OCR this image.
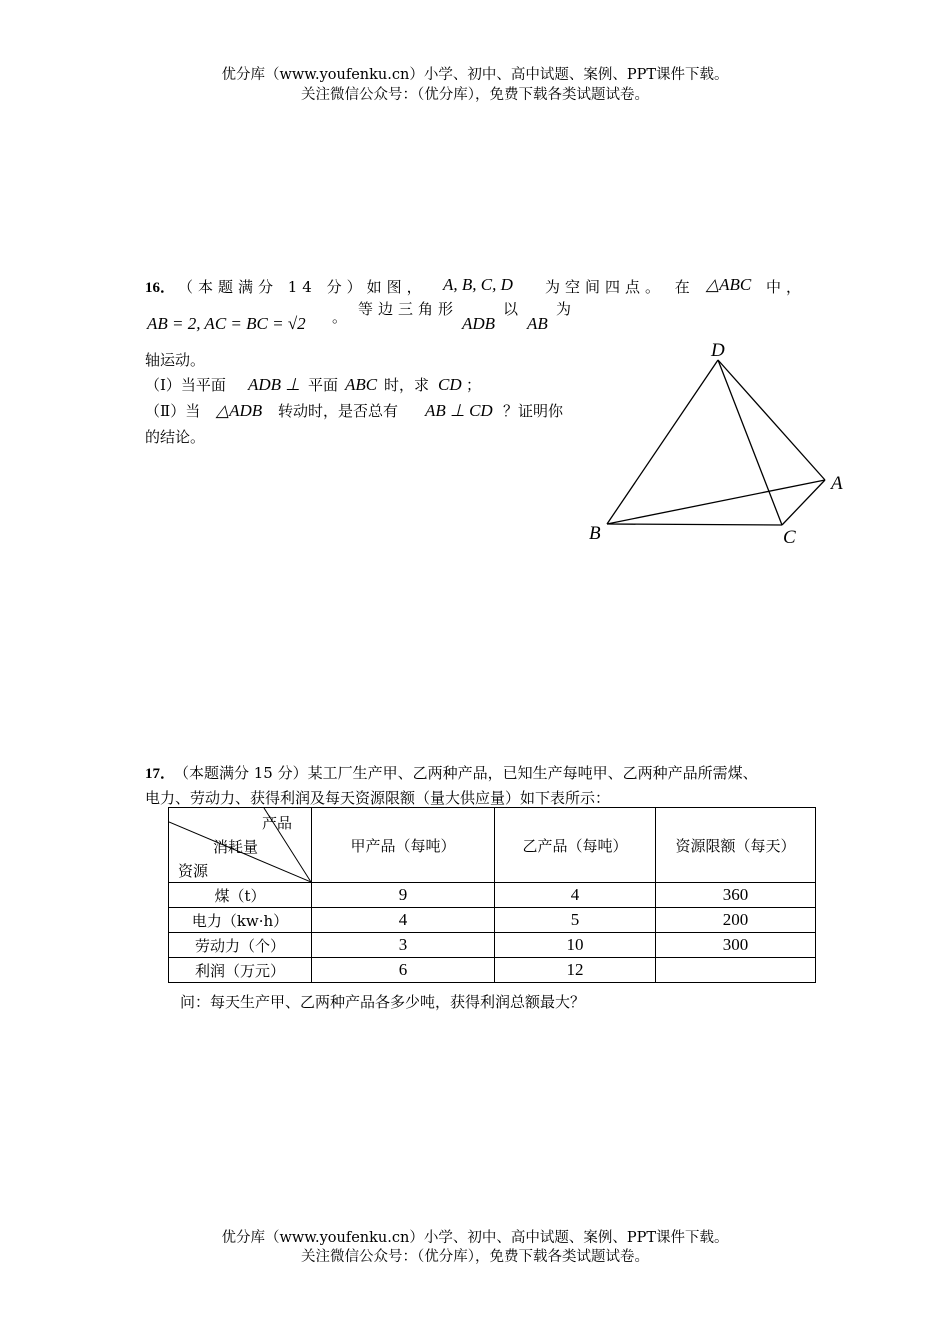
优分库（www.youfenku.cn）小学、初中、高中试题、案例、PPT课件下载。
关注微信公众号：（优分库），免费下载各类试题试卷。
16． （本题满分 14 分）如图， A, B, C, D 为空间四点。 在 △ABC 中，
AB = 2, AC = BC = √2 。 等边三角形
ADB
以
AB
为
轴运动。
（Ⅰ）当平面 ADB ⊥ 平面 ABC 时，求 CD ；
（Ⅱ）当 △ADB 转动时，是否总有 AB ⊥ CD ？证明你
的结论。
D
A
B	C
17．
（本题满分 15 分）某工厂生产甲、乙两种产品，已知生产每吨甲、乙两种产品所需煤、
电力、劳动力、获得利润及每天资源限额（量大供应量）如下表所示：
产品
消耗量
资源	甲产品（每吨）	乙产品（每吨）	资源限额（每天）
煤（t）	9	4	360
电力（kw·h）	4	5	200
劳动力（个）	3	10	300
利润（万元）	6	12	
问：每天生产甲、乙两种产品各多少吨，获得利润总额最大？
优分库（www.youfenku.cn）小学、初中、高中试题、案例、PPT课件下载。
关注微信公众号：（优分库），免费下载各类试题试卷。
